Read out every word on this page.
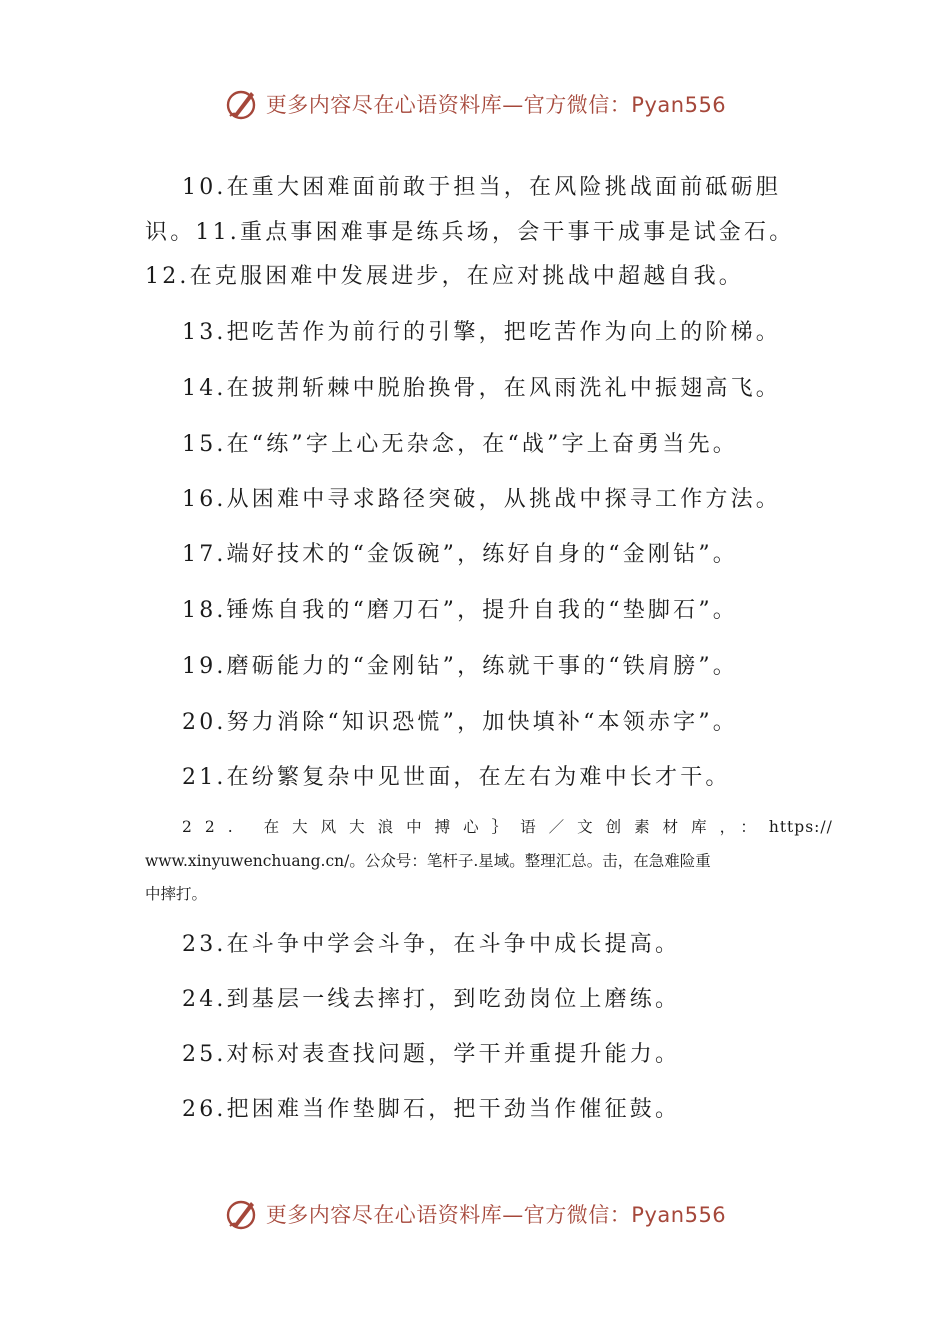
更多内容尽在心语资料库—官方微信：Pyan556
10.在重大困难面前敢于担当，在风险挑战面前砥砺胆
识。11.重点事困难事是练兵场，会干事干成事是试金石。
12.在克服困难中发展进步，在应对挑战中超越自我。
13.把吃苦作为前行的引擎，把吃苦作为向上的阶梯。
14.在披荆斩棘中脱胎换骨，在风雨洗礼中振翅高飞。
15.在“练”字上心无杂念，在“战”字上奋勇当先。
16.从困难中寻求路径突破，从挑战中探寻工作方法。
17.端好技术的“金饭碗”，练好自身的“金刚钻”。
18.锤炼自我的“磨刀石”，提升自我的“垫脚石”。
19.磨砺能力的“金刚钻”，练就干事的“铁肩膀”。
20.努力消除“知识恐慌”，加快填补“本领赤字”。
21.在纷繁复杂中见世面，在左右为难中长才干。
22. 在大风大浪中搏心｝语／文创素材库，：https://
www.xinyuwenchuang.cn/。公众号：笔杆子.星域。整理汇总。击，在急难险重
中摔打。
23.在斗争中学会斗争，在斗争中成长提高。
24.到基层一线去摔打，到吃劲岗位上磨练。
25.对标对表查找问题，学干并重提升能力。
26.把困难当作垫脚石，把干劲当作催征鼓。
更多内容尽在心语资料库—官方微信：Pyan556
